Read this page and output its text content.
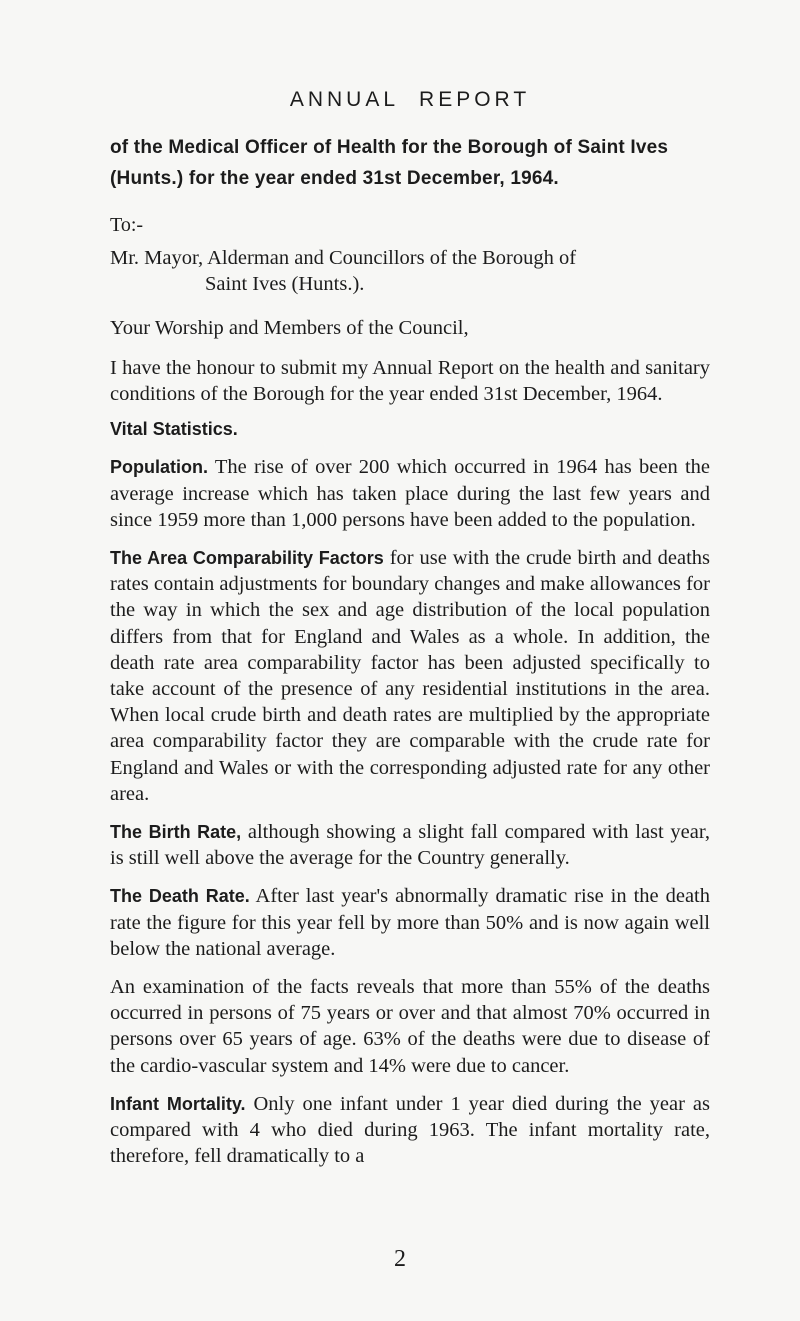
ANNUAL REPORT
of the Medical Officer of Health for the Borough of Saint Ives (Hunts.) for the year ended 31st December, 1964.
To:-
Mr. Mayor, Alderman and Councillors of the Borough of
Saint Ives (Hunts.).
Your Worship and Members of the Council,

I have the honour to submit my Annual Report on the health and sanitary conditions of the Borough for the year ended 31st December, 1964.

Vital Statistics.

Population. The rise of over 200 which occurred in 1964 has been the average increase which has taken place during the last few years and since 1959 more than 1,000 persons have been added to the population.

The Area Comparability Factors for use with the crude birth and deaths rates contain adjustments for boundary changes and make allowances for the way in which the sex and age distribution of the local population differs from that for England and Wales as a whole. In addition, the death rate area comparability factor has been adjusted specifically to take account of the presence of any residential institutions in the area. When local crude birth and death rates are multiplied by the appropriate area comparability factor they are comparable with the crude rate for England and Wales or with the corresponding adjusted rate for any other area.

The Birth Rate, although showing a slight fall compared with last year, is still well above the average for the Country generally.

The Death Rate. After last year's abnormally dramatic rise in the death rate the figure for this year fell by more than 50% and is now again well below the national average.

An examination of the facts reveals that more than 55% of the deaths occurred in persons of 75 years or over and that almost 70% occurred in persons over 65 years of age. 63% of the deaths were due to disease of the cardio-vascular system and 14% were due to cancer.

Infant Mortality. Only one infant under 1 year died during the year as compared with 4 who died during 1963. The infant mortality rate, therefore, fell dramatically to a

2
